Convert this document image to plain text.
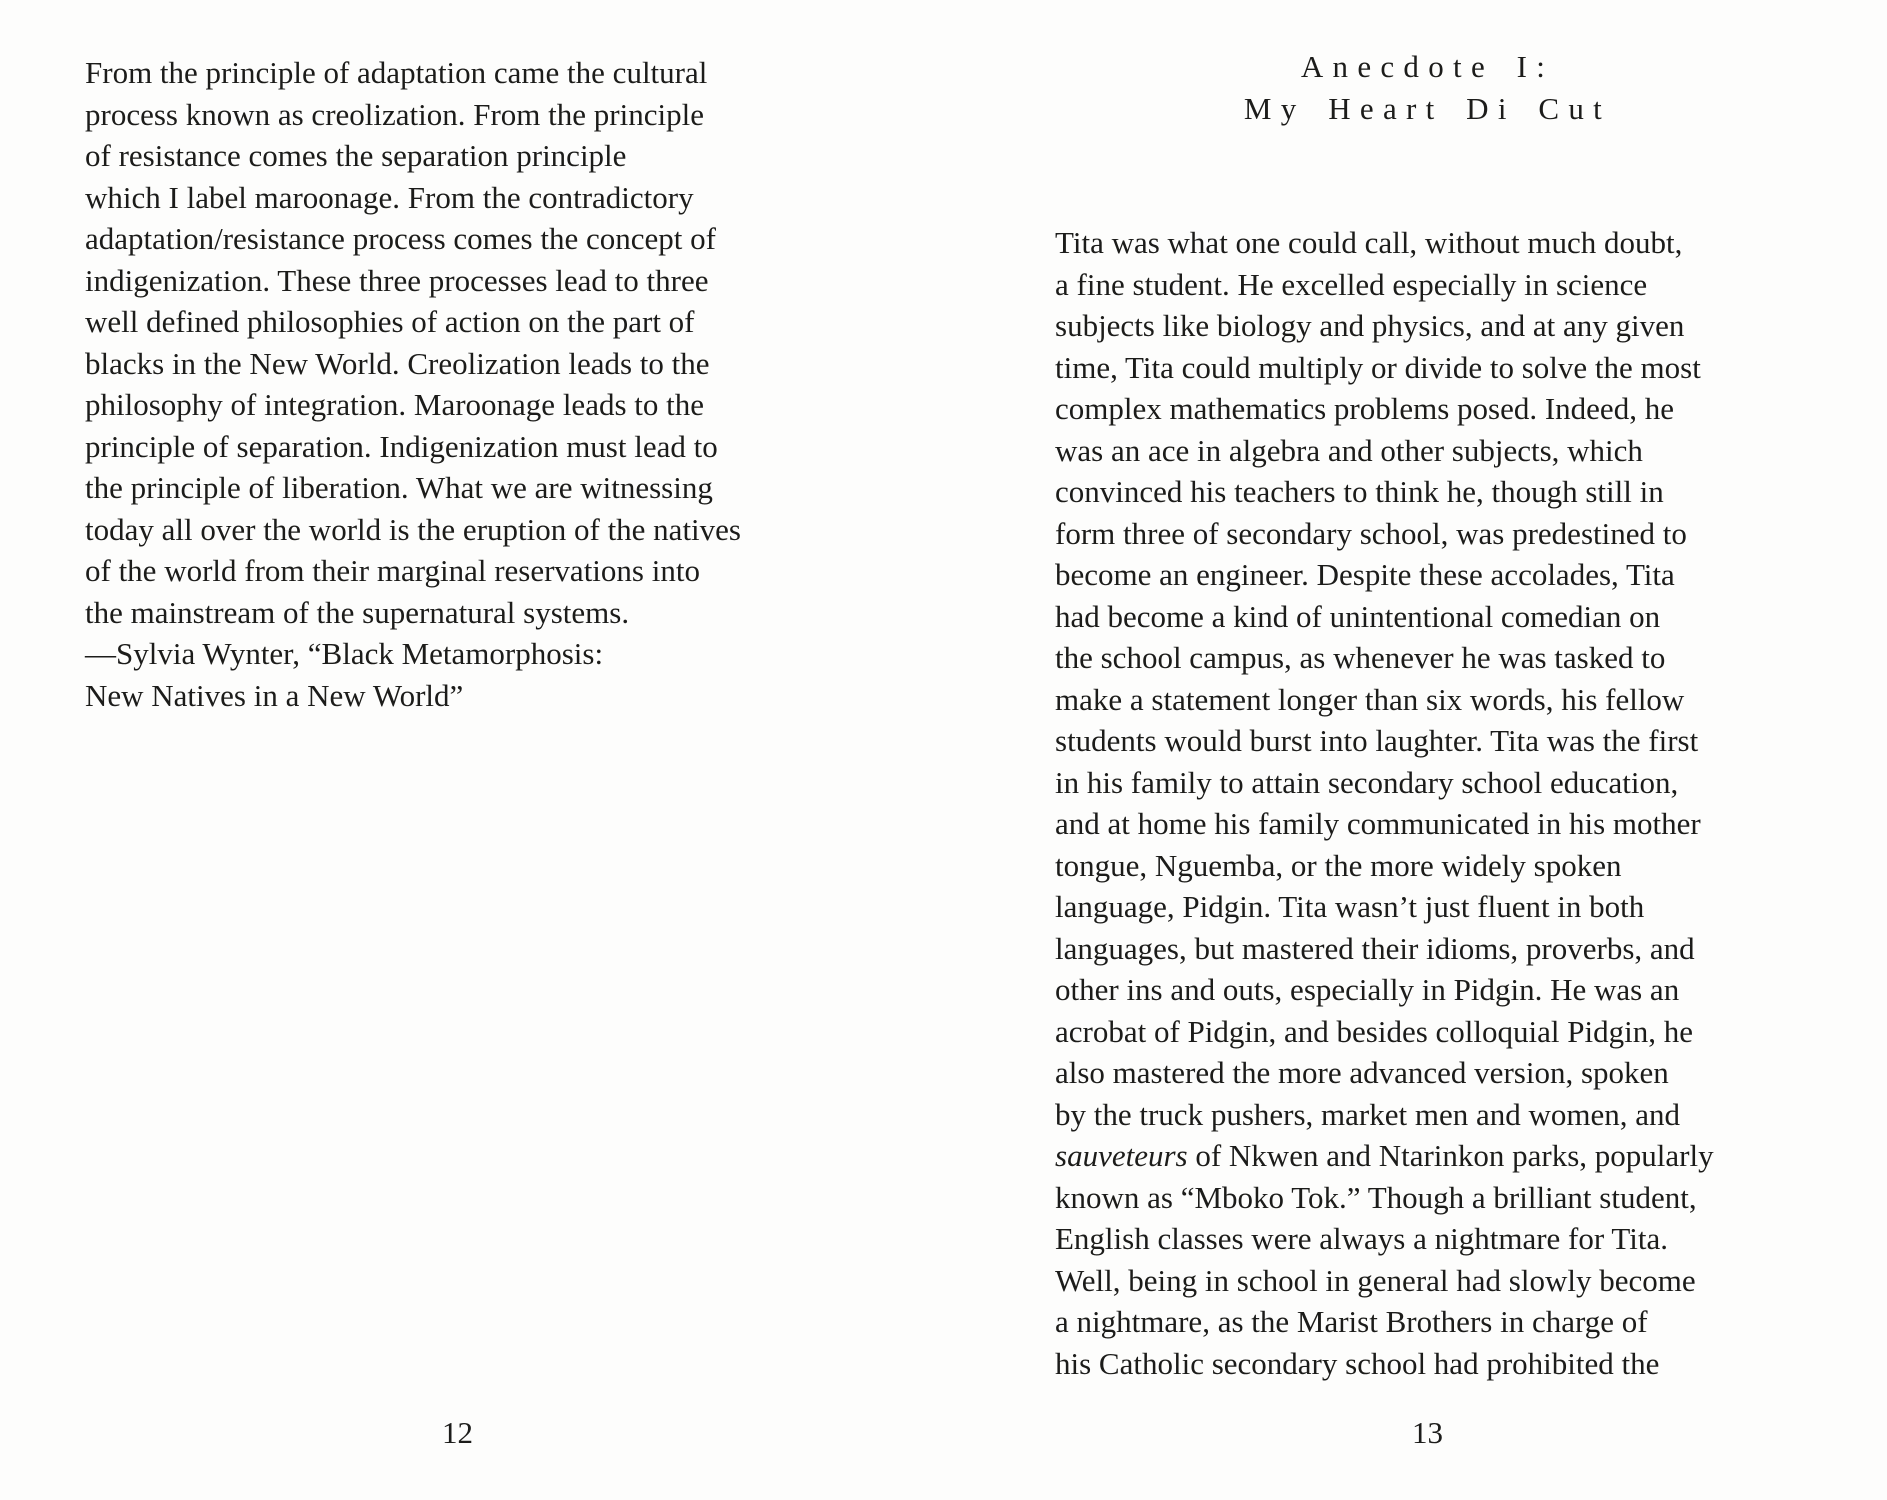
From the principle of adaptation came the cultural
process known as creolization. From the principle
of resistance comes the separation principle
which I label maroonage. From the contradictory
adaptation/resistance process comes the concept of
indigenization. These three processes lead to three
well defined philosophies of action on the part of
blacks in the New World. Creolization leads to the
philosophy of integration. Maroonage leads to the
principle of separation. Indigenization must lead to
the principle of liberation. What we are witnessing
today all over the world is the eruption of the natives
of the world from their marginal reservations into
the mainstream of the supernatural systems.
—Sylvia Wynter, “Black Metamorphosis:
New Natives in a New World”
Anecdote I:
My Heart Di Cut
Tita was what one could call, without much doubt,
a fine student. He excelled especially in science
subjects like biology and physics, and at any given
time, Tita could multiply or divide to solve the most
complex mathematics problems posed. Indeed, he
was an ace in algebra and other subjects, which
convinced his teachers to think he, though still in
form three of secondary school, was predestined to
become an engineer. Despite these accolades, Tita
had become a kind of unintentional comedian on
the school campus, as whenever he was tasked to
make a statement longer than six words, his fellow
students would burst into laughter. Tita was the first
in his family to attain secondary school education,
and at home his family communicated in his mother
tongue, Nguemba, or the more widely spoken
language, Pidgin. Tita wasn’t just fluent in both
languages, but mastered their idioms, proverbs, and
other ins and outs, especially in Pidgin. He was an
acrobat of Pidgin, and besides colloquial Pidgin, he
also mastered the more advanced version, spoken
by the truck pushers, market men and women, and
sauveteurs of Nkwen and Ntarinkon parks, popularly
known as “Mboko Tok.” Though a brilliant student,
English classes were always a nightmare for Tita.
Well, being in school in general had slowly become
a nightmare, as the Marist Brothers in charge of
his Catholic secondary school had prohibited the
12	13
